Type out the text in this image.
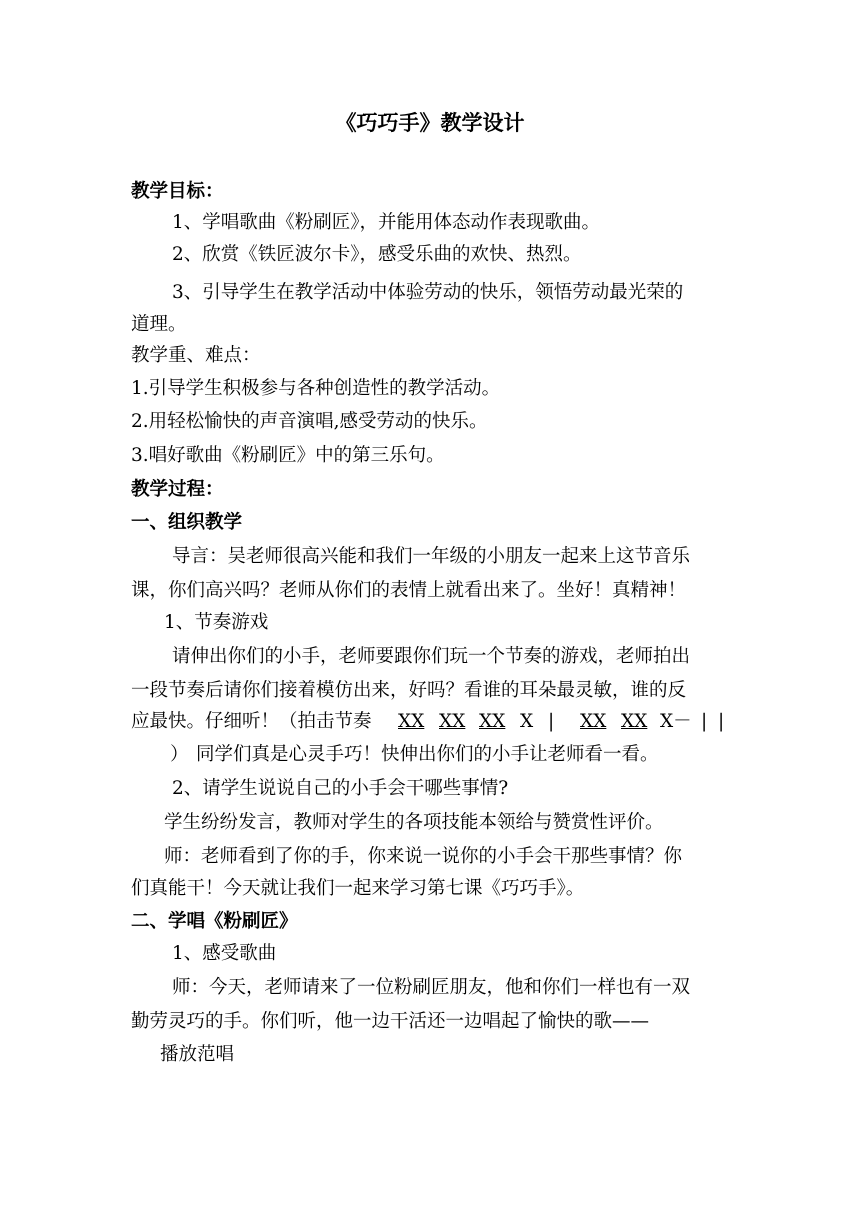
《巧巧手》教学设计
教学目标：
1、学唱歌曲《粉刷匠》，并能用体态动作表现歌曲。
2、欣赏《铁匠波尔卡》，感受乐曲的欢快、热烈。
3、引导学生在教学活动中体验劳动的快乐，领悟劳动最光荣的
道理。
教学重、难点：
1.引导学生积极参与各种创造性的教学活动。
2.用轻松愉快的声音演唱,感受劳动的快乐。
3.唱好歌曲《粉刷匠》中的第三乐句。
教学过程：
一、组织教学
导言：吴老师很高兴能和我们一年级的小朋友一起来上这节音乐
课，你们高兴吗？老师从你们的表情上就看出来了。坐好！真精神！
1、节奏游戏
请伸出你们的小手，老师要跟你们玩一个节奏的游戏，老师拍出
一段节奏后请你们接着模仿出来，好吗？看谁的耳朵最灵敏，谁的反
应最快。仔细听！（拍击节奏 XX XX XX X | XX XX X－ | |
） 同学们真是心灵手巧！快伸出你们的小手让老师看一看。
2、请学生说说自己的小手会干哪些事情?
学生纷纷发言，教师对学生的各项技能本领给与赞赏性评价。
师：老师看到了你的手，你来说一说你的小手会干那些事情？你
们真能干！今天就让我们一起来学习第七课《巧巧手》。
二、学唱《粉刷匠》
1、感受歌曲
师：今天，老师请来了一位粉刷匠朋友，他和你们一样也有一双
勤劳灵巧的手。你们听，他一边干活还一边唱起了愉快的歌——
播放范唱
